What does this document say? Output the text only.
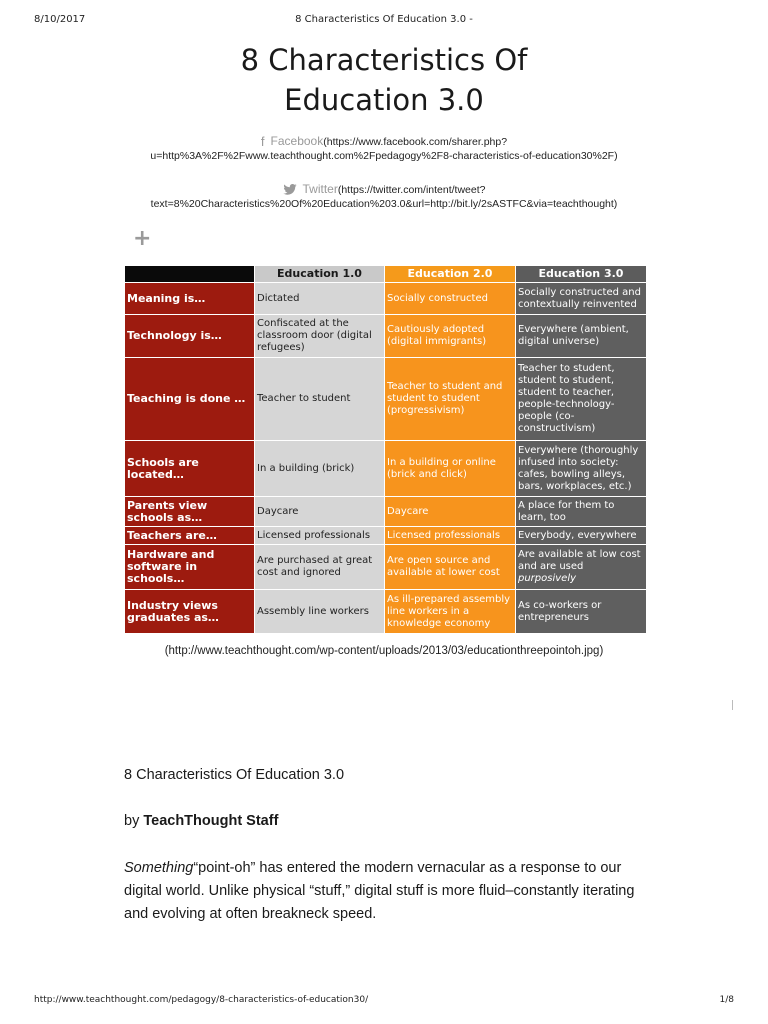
8/10/2017	8 Characteristics Of Education 3.0 -
8 Characteristics Of
Education 3.0
f Facebook(https://www.facebook.com/sharer.php?
u=http%3A%2F%2Fwww.teachthought.com%2Fpedagogy%2F8-characteristics-of-education30%2F)
Twitter(https://twitter.com/intent/tweet?
text=8%20Characteristics%20Of%20Education%203.0&url=http://bit.ly/2sASTFC&via=teachthought)
+
	Education 1.0	Education 2.0	Education 3.0
Meaning is…	Dictated	Socially constructed	Socially constructed and contextually reinvented
Technology is…	Confiscated at the classroom door (digital refugees)	Cautiously adopted (digital immigrants)	Everywhere (ambient, digital universe)
Teaching is done …	Teacher to student	Teacher to student and student to student (progressivism)	Teacher to student, student to student, student to teacher, people-technology-people (co-constructivism)
Schools are located…	In a building (brick)	In a building or online (brick and click)	Everywhere (thoroughly infused into society: cafes, bowling alleys, bars, workplaces, etc.)
Parents view schools as…	Daycare	Daycare	A place for them to learn, too
Teachers are…	Licensed professionals	Licensed professionals	Everybody, everywhere
Hardware and software in schools…	Are purchased at great cost and ignored	Are open source and available at lower cost	Are available at low cost and are used purposively
Industry views graduates as…	Assembly line workers	As ill-prepared assembly line workers in a knowledge economy	As co-workers or entrepreneurs
(http://www.teachthought.com/wp-content/uploads/2013/03/educationthreepointoh.jpg)
8 Characteristics Of Education 3.0
by TeachThought Staff

Something“point-oh” has entered the modern vernacular as a response to our digital world. Unlike physical “stuff,” digital stuff is more fluid–constantly iterating and evolving at often breakneck speed.

http://www.teachthought.com/pedagogy/8-characteristics-of-education30/	1/8
